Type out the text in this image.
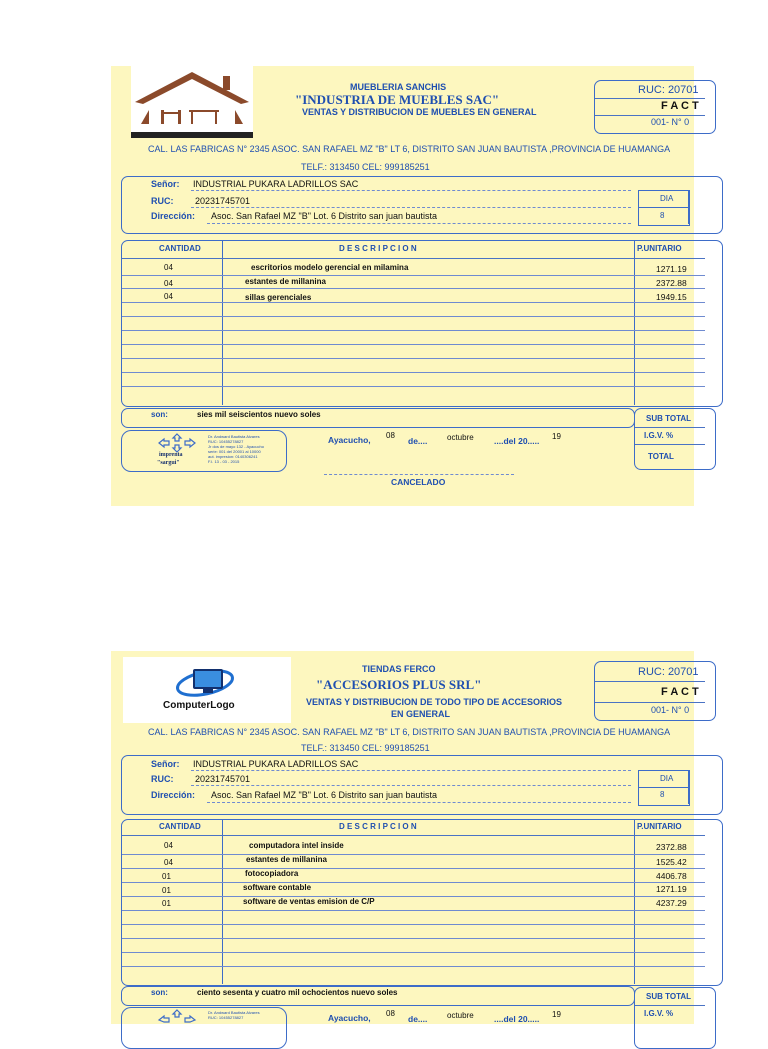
MUEBLERIA SANCHIS
"INDUSTRIA DE MUEBLES SAC"
VENTAS Y DISTRIBUCION DE MUEBLES EN GENERAL
RUC: 20701
F A C T
001- N° 0
CAL. LAS FABRICAS N° 2345 ASOC. SAN RAFAEL MZ "B" LT 6, DISTRITO SAN JUAN BAUTISTA ,PROVINCIA DE HUAMANGA
TELF.: 313450 CEL: 999185251
Señor: INDUSTRIAL PUKARA LADRILLOS SAC
RUC: 20231745701
Dirección: Asoc. San Rafael MZ "B" Lot. 6 Distrito san juan bautista
DIA
8
CANTIDAD	D E S C R I P C I O N	P.UNITARIO
04	escritorios modelo gerencial en milamina	1271.19
04	estantes de millanina	2372.88
04	sillas gerenciales	1949.15
son:	sies mil seiscientos nuevo soles	SUB TOTAL
I.G.V. %
TOTAL
imprenta
"sargui"
Dr. Andward Bautista Alvares
RUC: 10455278827
Jr dos de mayo 132 - Ayacucho
serie: 001 del 20001 al 10000
aut. impresion: 0140306241
F.I. 13 - 03 - 2015
Ayacucho, 08
de.... octubre ....del 20..... 19
CANCELADO
ComputerLogo
TIENDAS FERCO
"ACCESORIOS PLUS SRL"
VENTAS Y DISTRIBUCION DE TODO TIPO DE ACCESORIOS
EN GENERAL
RUC: 20701
F A C T
001- N° 0
CAL. LAS FABRICAS N° 2345 ASOC. SAN RAFAEL MZ "B" LT 6, DISTRITO SAN JUAN BAUTISTA ,PROVINCIA DE HUAMANGA
TELF.: 313450 CEL: 999185251
Señor: INDUSTRIAL PUKARA LADRILLOS SAC
RUC: 20231745701
Dirección: Asoc. San Rafael MZ "B" Lot. 6 Distrito san juan bautista
DIA
8
CANTIDAD	D E S C R I P C I O N	P.UNITARIO
04	computadora intel inside	2372.88
04	estantes de millanina	1525.42
01	fotocopiadora	4406.78
01	software contable	1271.19
01	software de ventas emision de C/P	4237.29
son:	ciento sesenta y cuatro mil ochocientos nuevo soles	SUB TOTAL
I.G.V. %
Dr. Andward Bautista Alvares
RUC: 10455278827	Ayacucho, 08
de.... octubre ....del 20..... 19
